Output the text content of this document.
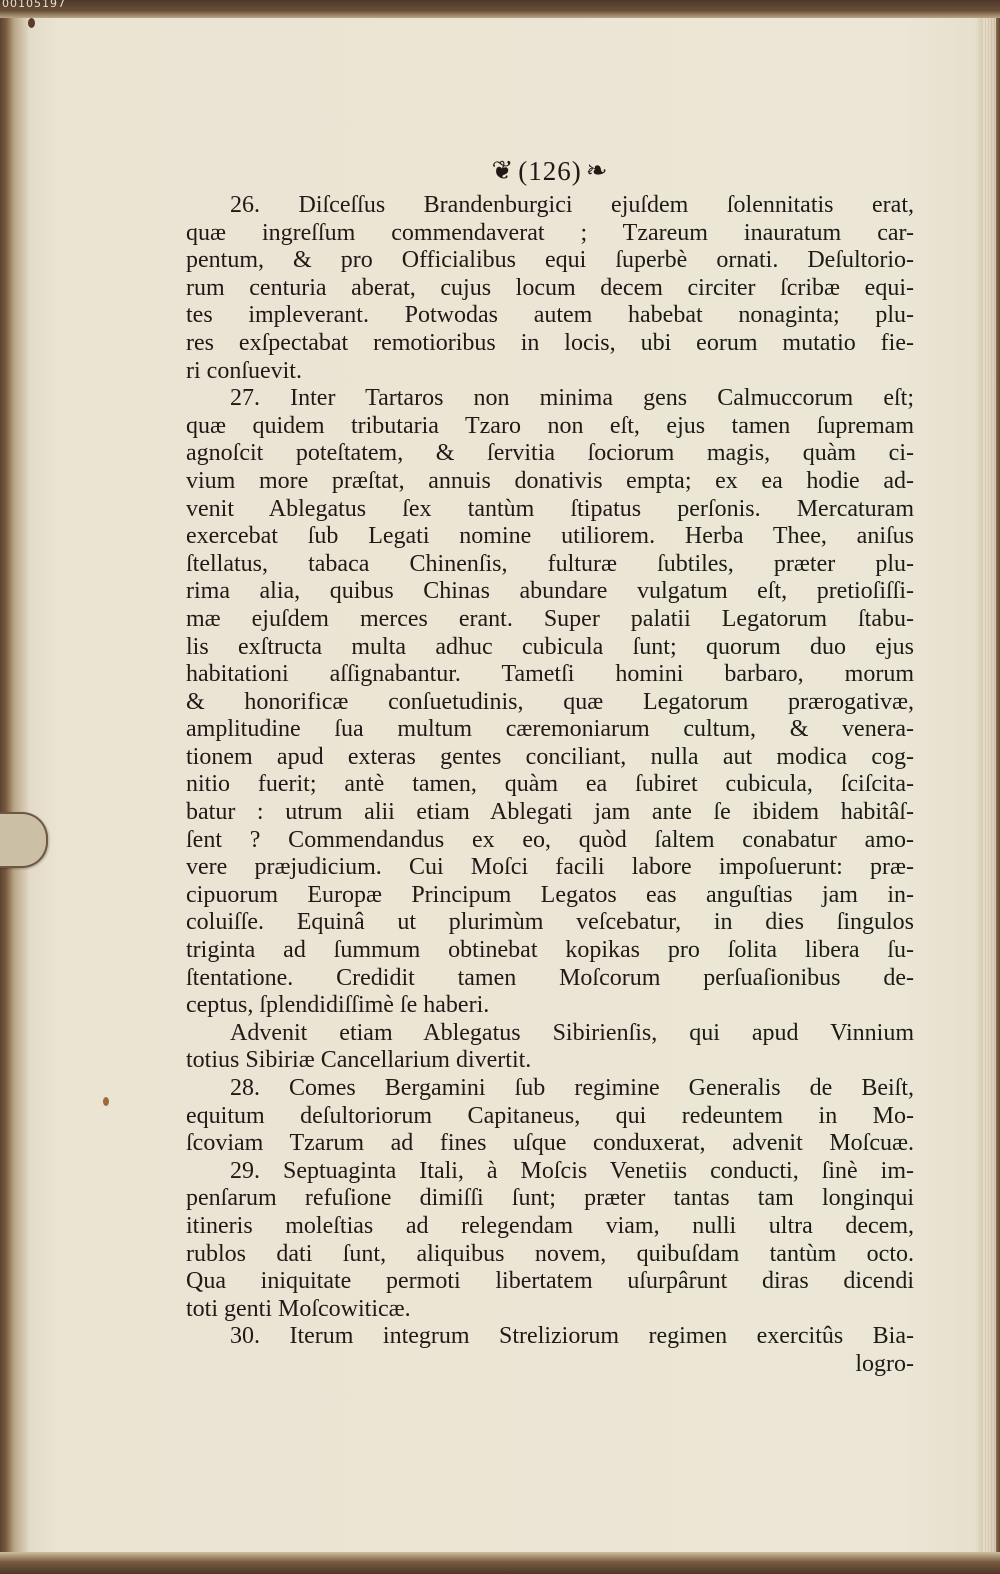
00105197
❦ (126) ❧
26. Diſceſſus Brandenburgici ejuſdem ſolennitatis erat,
quæ ingreſſum commendaverat ; Tzareum inauratum car-
pentum, & pro Officialibus equi ſuperbè ornati. Deſultorio-
rum centuria aberat, cujus locum decem circiter ſcribæ equi-
tes impleverant. Potwodas autem habebat nonaginta; plu-
res exſpectabat remotioribus in locis, ubi eorum mutatio fie-
ri conſuevit.
27. Inter Tartaros non minima gens Calmuccorum eſt;
quæ quidem tributaria Tzaro non eſt, ejus tamen ſupremam
agnoſcit poteſtatem, & ſervitia ſociorum magis, quàm ci-
vium more præſtat, annuis donativis empta; ex ea hodie ad-
venit Ablegatus ſex tantùm ſtipatus perſonis. Mercaturam
exercebat ſub Legati nomine utiliorem. Herba Thee, aniſus
ſtellatus, tabaca Chinenſis, fulturæ ſubtiles, præter plu-
rima alia, quibus Chinas abundare vulgatum eſt, pretioſiſſi-
mæ ejuſdem merces erant. Super palatii Legatorum ſtabu-
lis exſtructa multa adhuc cubicula ſunt; quorum duo ejus
habitationi aſſignabantur. Tametſi homini barbaro, morum
& honorificæ conſuetudinis, quæ Legatorum prærogativæ,
amplitudine ſua multum cæremoniarum cultum, & venera-
tionem apud exteras gentes conciliant, nulla aut modica cog-
nitio fuerit; antè tamen, quàm ea ſubiret cubicula, ſciſcita-
batur : utrum alii etiam Ablegati jam ante ſe ibidem habitâſ-
ſent ? Commendandus ex eo, quòd ſaltem conabatur amo-
vere præjudicium. Cui Moſci facili labore impoſuerunt: præ-
cipuorum Europæ Principum Legatos eas anguſtias jam in-
coluiſſe. Equinâ ut plurimùm veſcebatur, in dies ſingulos
triginta ad ſummum obtinebat kopikas pro ſolita libera ſu-
ſtentatione. Credidit tamen Moſcorum perſuaſionibus de-
ceptus, ſplendidiſſimè ſe haberi.
Advenit etiam Ablegatus Sibirienſis, qui apud Vinnium
totius Sibiriæ Cancellarium divertit.
28. Comes Bergamini ſub regimine Generalis de Beiſt,
equitum deſultoriorum Capitaneus, qui redeuntem in Mo-
ſcoviam Tzarum ad fines uſque conduxerat, advenit Moſcuæ.
29. Septuaginta Itali, à Moſcis Venetiis conducti, ſinè im-
penſarum refuſione dimiſſi ſunt; præter tantas tam longinqui
itineris moleſtias ad relegendam viam, nulli ultra decem,
rublos dati ſunt, aliquibus novem, quibuſdam tantùm octo.
Qua iniquitate permoti libertatem uſurpârunt diras dicendi
toti genti Moſcowiticæ.
30. Iterum integrum Streliziorum regimen exercitûs Bia-
logro-
